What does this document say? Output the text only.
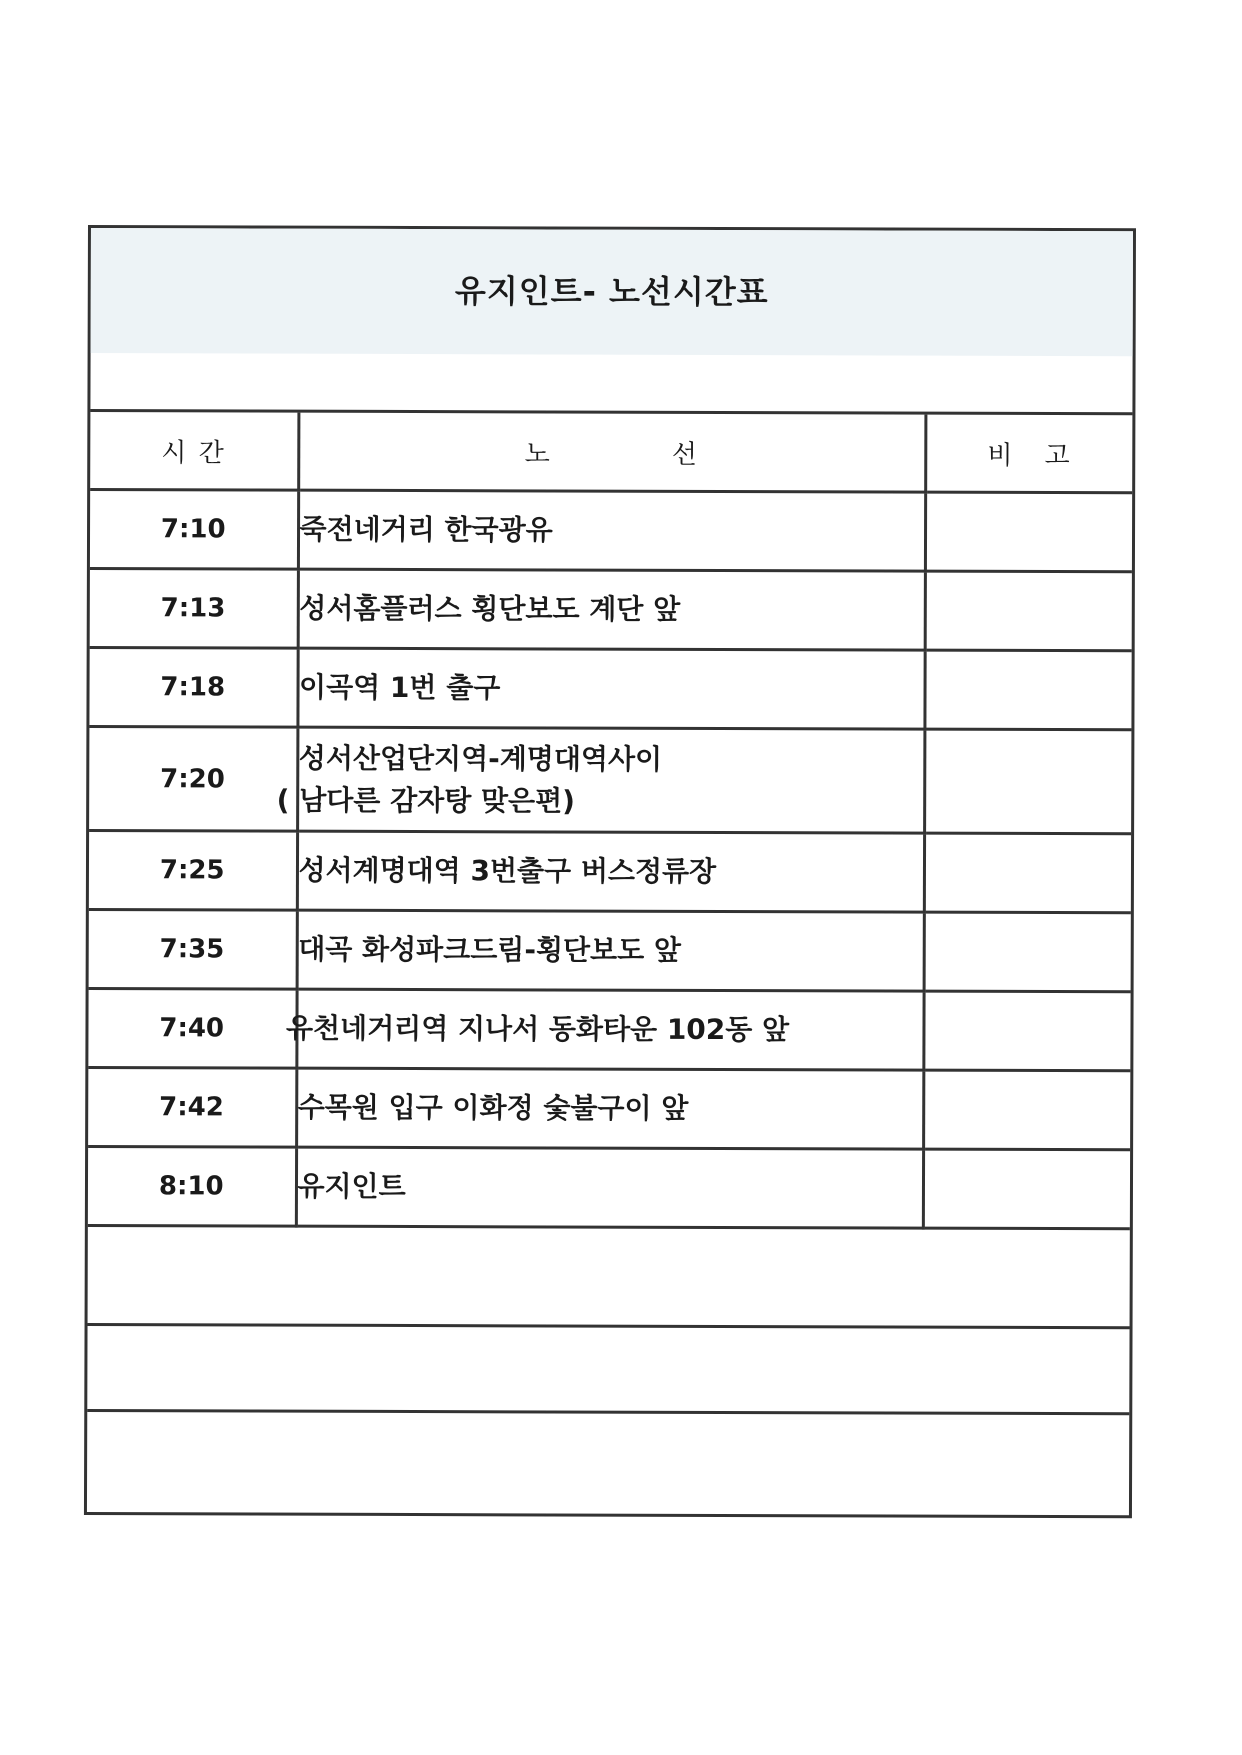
유지인트- 노선시간표
시 간	노 선	비 고

7:10	죽전네거리 한국광유	

7:13	성서홈플러스 횡단보도 계단 앞	

7:18	이곡역 1번 출구	

7:20	성서산업단지역-계명대역사이
( 남다른 감자탕 맞은편)	

7:25	성서계명대역 3번출구 버스정류장	

7:35	대곡 화성파크드림-횡단보도 앞	

7:40	유천네거리역 지나서 동화타운 102동 앞	

7:42	수목원 입구 이화정 숯불구이 앞	

8:10	유지인트	
